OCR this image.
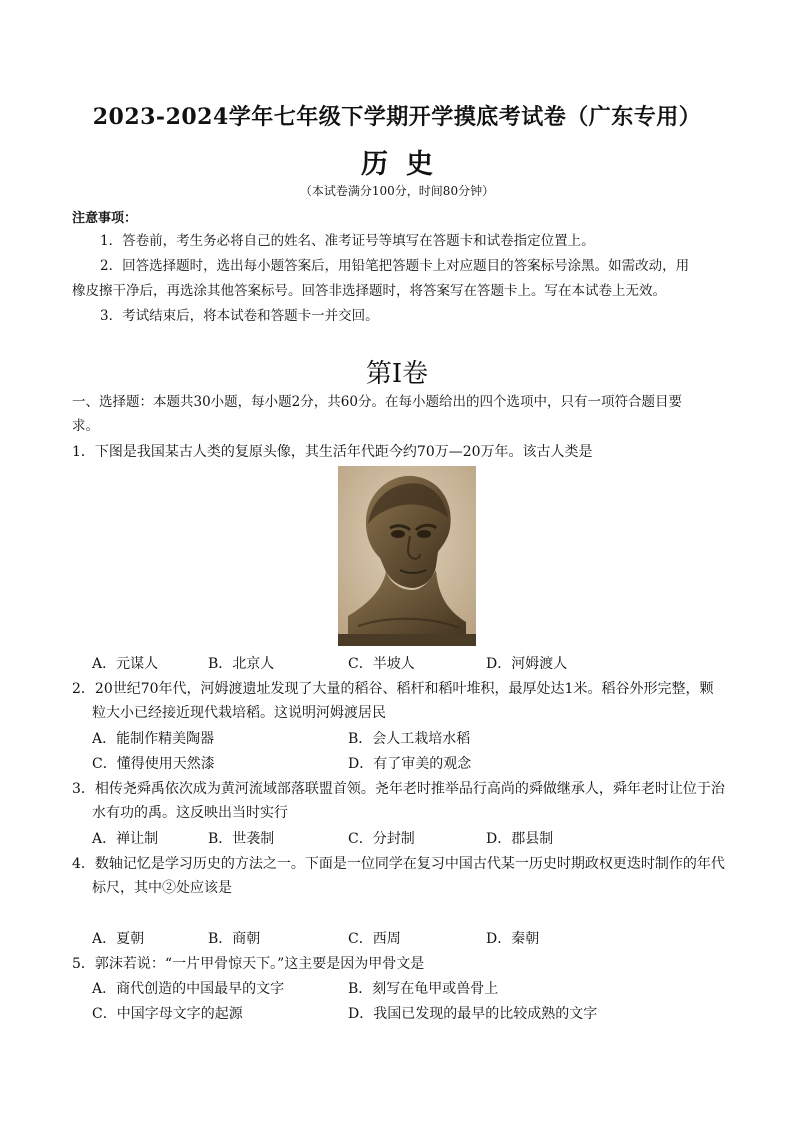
2023-2024学年七年级下学期开学摸底考试卷（广东专用）
历史
（本试卷满分100分，时间80分钟）
注意事项：
1．答卷前，考生务必将自己的姓名、准考证号等填写在答题卡和试卷指定位置上。
2．回答选择题时，选出每小题答案后，用铅笔把答题卡上对应题目的答案标号涂黑。如需改动，用
橡皮擦干净后，再选涂其他答案标号。回答非选择题时，将答案写在答题卡上。写在本试卷上无效。
3．考试结束后，将本试卷和答题卡一并交回。
第Ⅰ卷
一、选择题：本题共30小题，每小题2分，共60分。在每小题给出的四个选项中，只有一项符合题目要
求。
1．下图是我国某古人类的复原头像，其生活年代距今约70万—20万年。该古人类是
A．元谋人	B．北京人	C．半坡人	D．河姆渡人
2．20世纪70年代，河姆渡遗址发现了大量的稻谷、稻杆和稻叶堆积，最厚处达1米。稻谷外形完整，颗
粒大小已经接近现代栽培稻。这说明河姆渡居民
A．能制作精美陶器	B．会人工栽培水稻
C．懂得使用天然漆	D．有了审美的观念
3．相传尧舜禹依次成为黄河流域部落联盟首领。尧年老时推举品行高尚的舜做继承人，舜年老时让位于治
水有功的禹。这反映出当时实行
A．禅让制	B．世袭制	C．分封制	D．郡县制
4．数轴记忆是学习历史的方法之一。下面是一位同学在复习中国古代某一历史时期政权更迭时制作的年代
标尺，其中②处应该是
A．夏朝	B．商朝	C．西周	D．秦朝
5．郭沫若说：“一片甲骨惊天下。”这主要是因为甲骨文是
A．商代创造的中国最早的文字	B．刻写在龟甲或兽骨上
C．中国字母文字的起源	D．我国已发现的最早的比较成熟的文字
